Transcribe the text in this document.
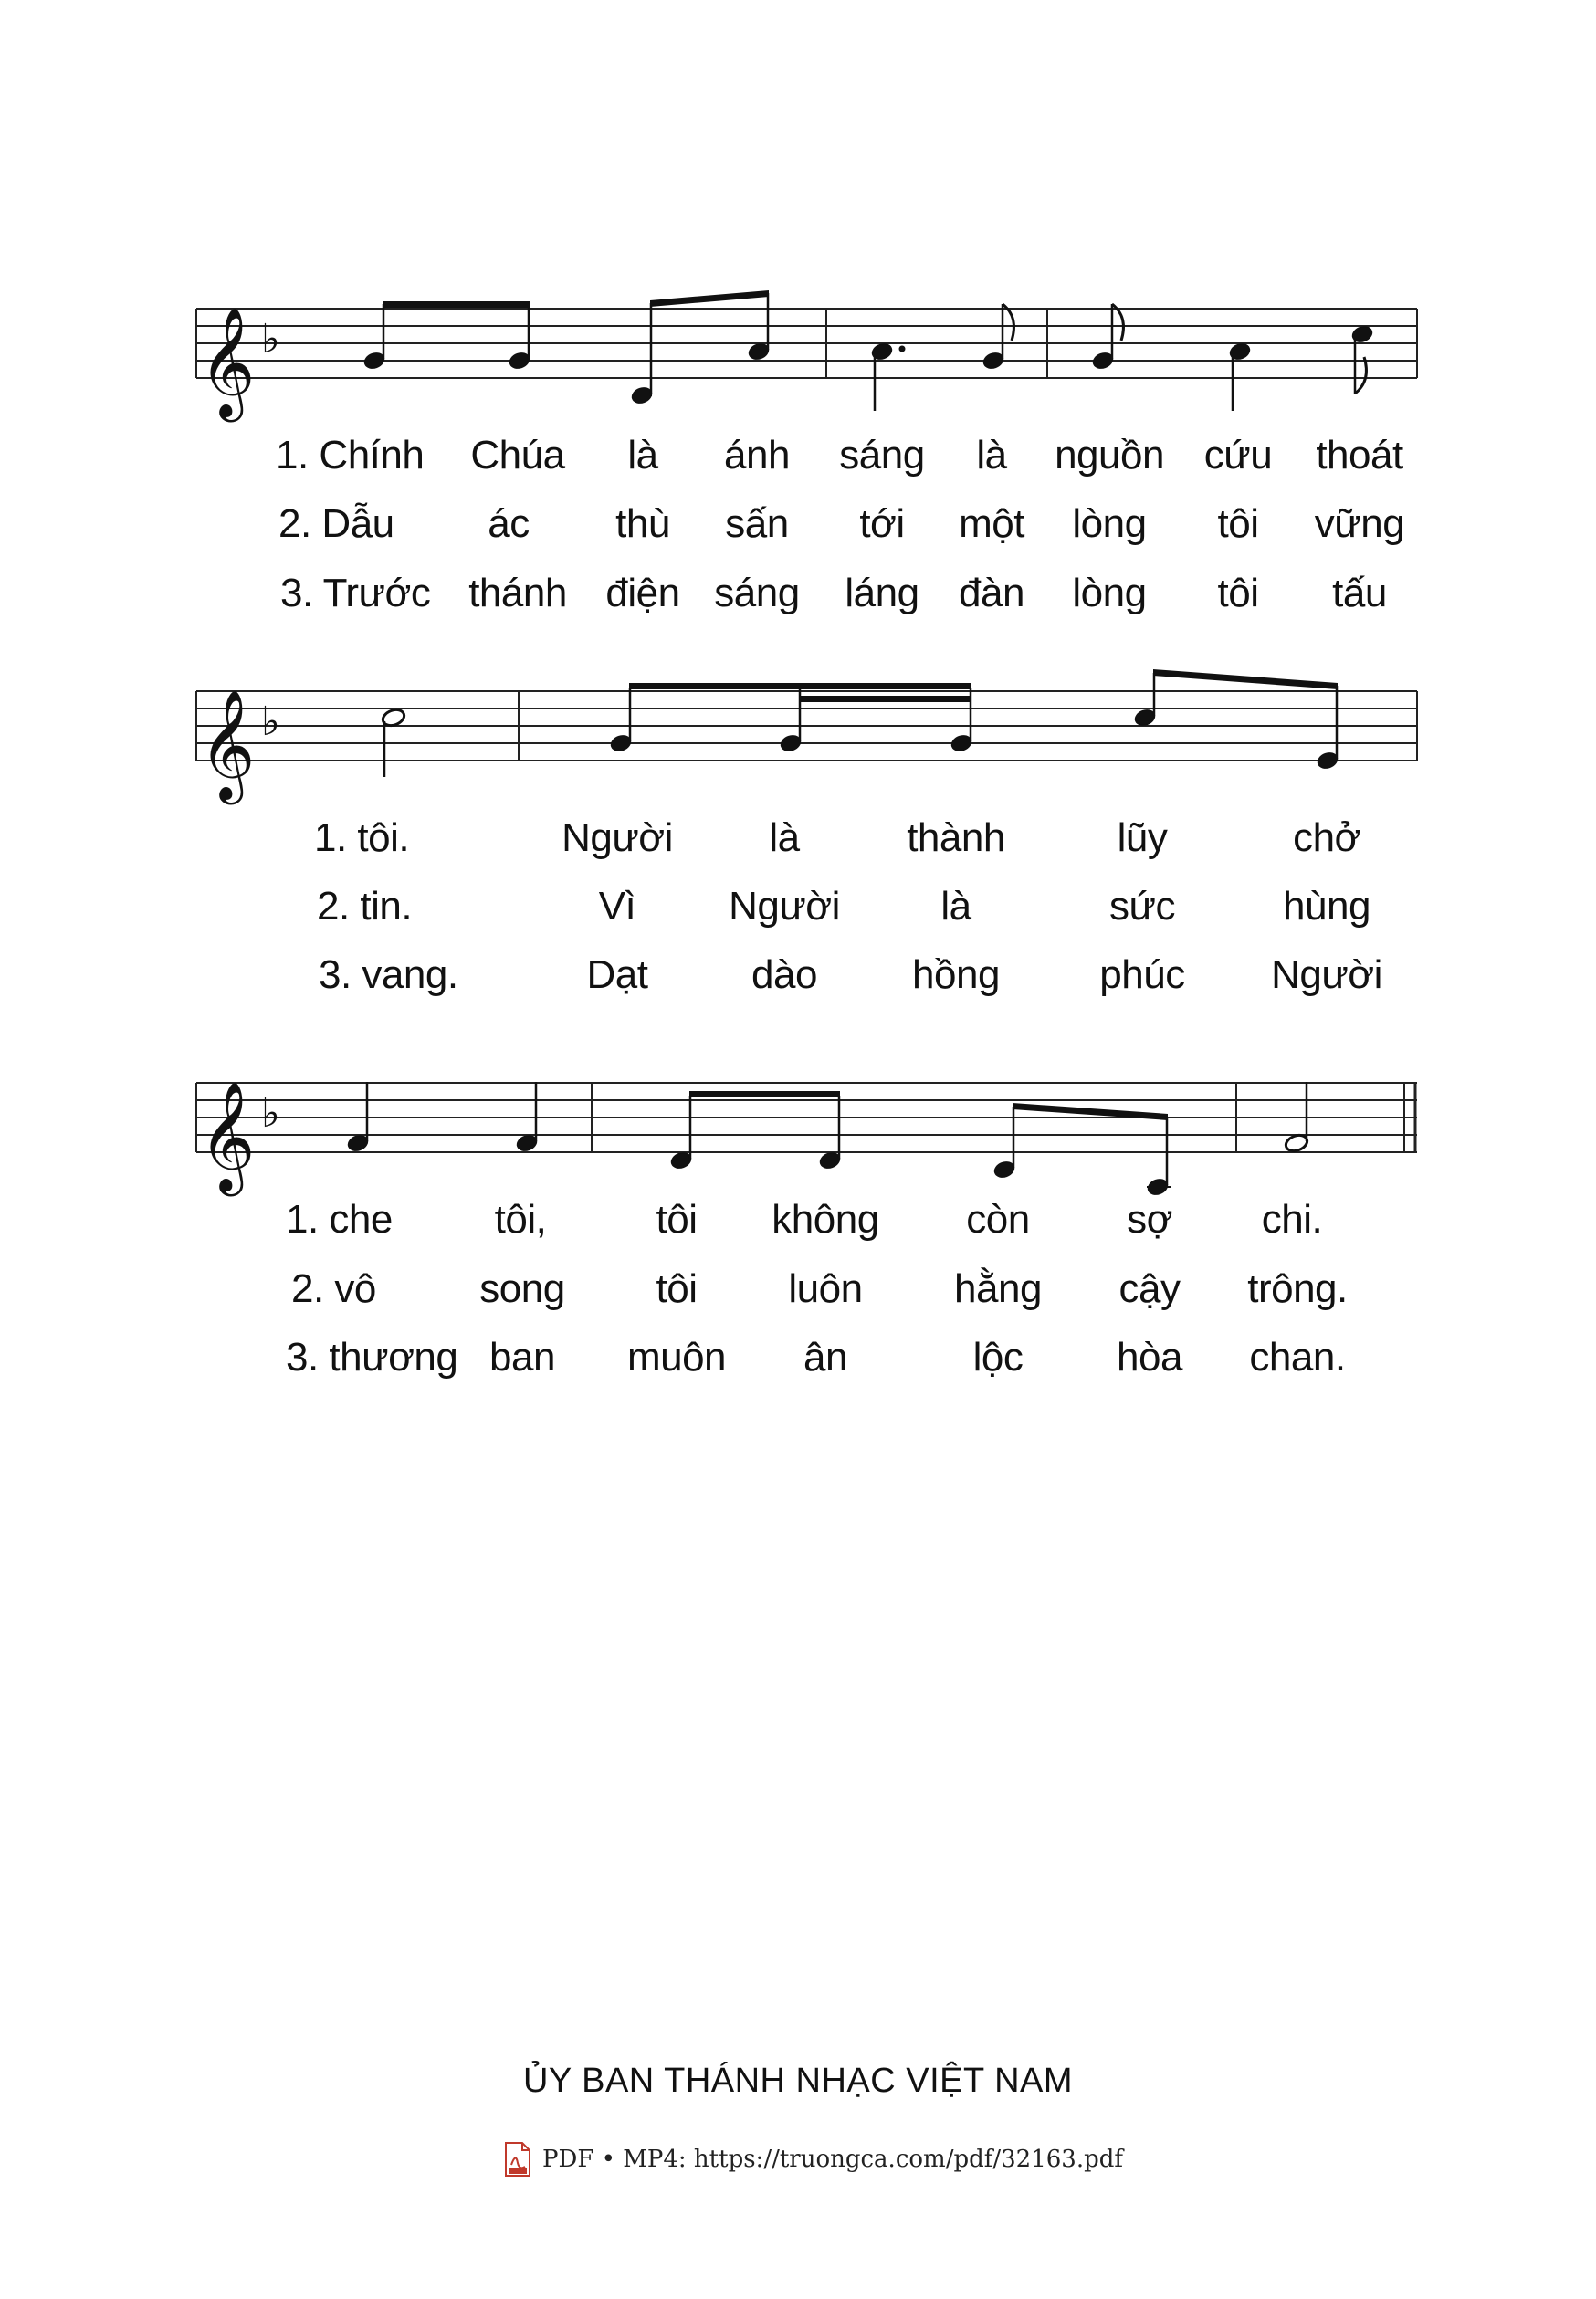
𝄞 ♭
1. Chính Chúa là ánh sáng là nguồn cứu thoát
2. Dẫu ác thù sấn tới một lòng tôi vững
3. Trước thánh điện sáng láng đàn lòng tôi tấu
𝄞 ♭
1. tôi.	Người là	thành	lũy	chở
2. tin.	Vì Người	là	sức	hùng
3. vang.	Dạt	dào hồng phúc Người
𝄞 ♭
1. che	tôi,	tôi không còn sợ chi.
2. vô	song tôi luôn hằng cậy trông.
3. thương ban muôn ân	lộc hòa chan.
ỦY BAN THÁNH NHẠC VIỆT NAM
PDF • MP4: https://truongca.com/pdf/32163.pdf
